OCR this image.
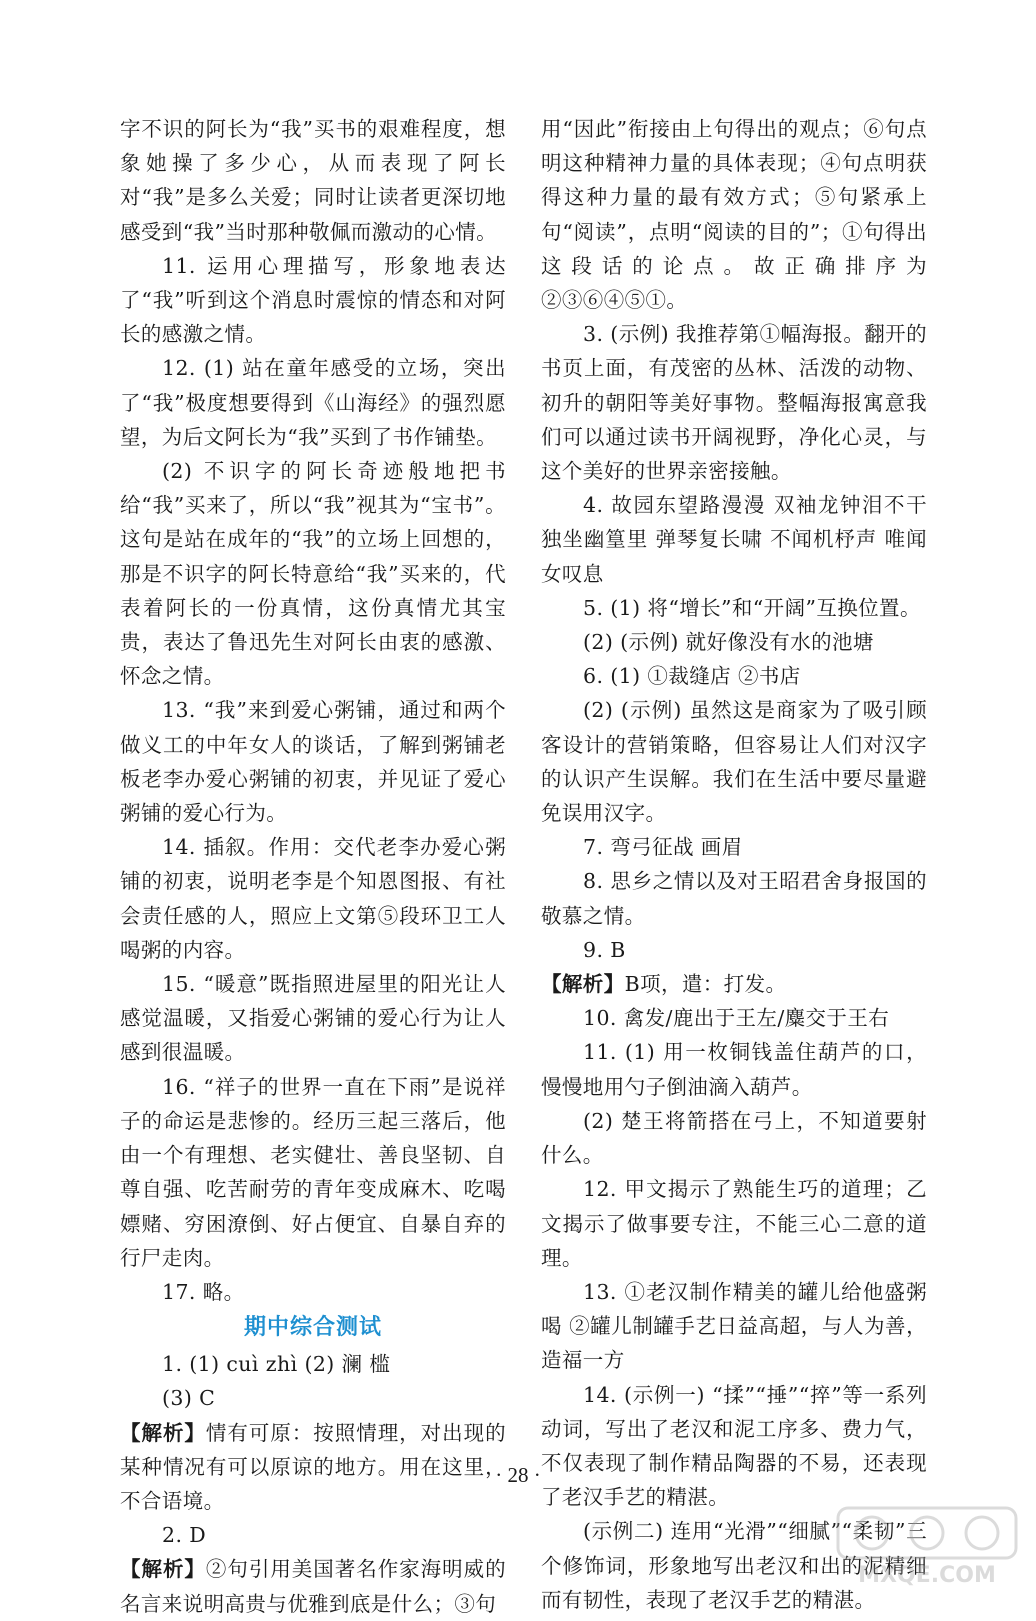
字不识的阿长为“我”买书的艰难程度，想象她操了多少心，从而表现了阿长对“我”是多么关爱；同时让读者更深切地感受到“我”当时那种敬佩而激动的心情。

11. 运用心理描写，形象地表达了“我”听到这个消息时震惊的情态和对阿长的感激之情。

12. (1) 站在童年感受的立场，突出了“我”极度想要得到《山海经》的强烈愿望，为后文阿长为“我”买到了书作铺垫。

(2) 不识字的阿长奇迹般地把书给“我”买来了，所以“我”视其为“宝书”。这句是站在成年的“我”的立场上回想的，那是不识字的阿长特意给“我”买来的，代表着阿长的一份真情，这份真情尤其宝贵，表达了鲁迅先生对阿长由衷的感激、怀念之情。

13. “我”来到爱心粥铺，通过和两个做义工的中年女人的谈话，了解到粥铺老板老李办爱心粥铺的初衷，并见证了爱心粥铺的爱心行为。

14. 插叙。作用：交代老李办爱心粥铺的初衷，说明老李是个知恩图报、有社会责任感的人，照应上文第⑤段环卫工人喝粥的内容。

15. “暖意”既指照进屋里的阳光让人感觉温暖，又指爱心粥铺的爱心行为让人感到很温暖。

16. “祥子的世界一直在下雨”是说祥子的命运是悲惨的。经历三起三落后，他由一个有理想、老实健壮、善良坚韧、自尊自强、吃苦耐劳的青年变成麻木、吃喝嫖赌、穷困潦倒、好占便宜、自暴自弃的行尸走肉。

17. 略。

期中综合测试

1. (1) cuì zhì (2) 澜 槛

(3) C

【解析】情有可原：按照情理，对出现的某种情况有可以原谅的地方。用在这里，不合语境。

2. D

【解析】②句引用美国著名作家海明威的名言来说明高贵与优雅到底是什么；③句

用“因此”衔接由上句得出的观点；⑥句点明这种精神力量的具体表现；④句点明获得这种力量的最有效方式；⑤句紧承上句“阅读”，点明“阅读的目的”；①句得出这段话的论点。故正确排序为②③⑥④⑤①。

3. (示例) 我推荐第①幅海报。翻开的书页上面，有茂密的丛林、活泼的动物、初升的朝阳等美好事物。整幅海报寓意我们可以通过读书开阔视野，净化心灵，与这个美好的世界亲密接触。

4. 故园东望路漫漫 双袖龙钟泪不干 独坐幽篁里 弹琴复长啸 不闻机杼声 唯闻女叹息

5. (1) 将“增长”和“开阔”互换位置。

(2) (示例) 就好像没有水的池塘

6. (1) ①裁缝店 ②书店

(2) (示例) 虽然这是商家为了吸引顾客设计的营销策略，但容易让人们对汉字的认识产生误解。我们在生活中要尽量避免误用汉字。

7. 弯弓征战 画眉

8. 思乡之情以及对王昭君舍身报国的敬慕之情。

9. B

【解析】B项，遣：打发。

10. 禽发/鹿出于王左/麋交于王右

11. (1) 用一枚铜钱盖住葫芦的口，慢慢地用勺子倒油滴入葫芦。

(2) 楚王将箭搭在弓上，不知道要射什么。

12. 甲文揭示了熟能生巧的道理；乙文揭示了做事要专注，不能三心二意的道理。

13. ①老汉制作精美的罐儿给他盛粥喝 ②罐儿制罐手艺日益高超，与人为善，造福一方

14. (示例一) “揉”“捶”“捽”等一系列动词，写出了老汉和泥工序多、费力气，不仅表现了制作精品陶器的不易，还表现了老汉手艺的精湛。

(示例二) 连用“光滑”“细腻”“柔韧”三个修饰词，形象地写出老汉和出的泥精细而有韧性，表现了老汉手艺的精湛。

· 28 ·
MXQE.COM
